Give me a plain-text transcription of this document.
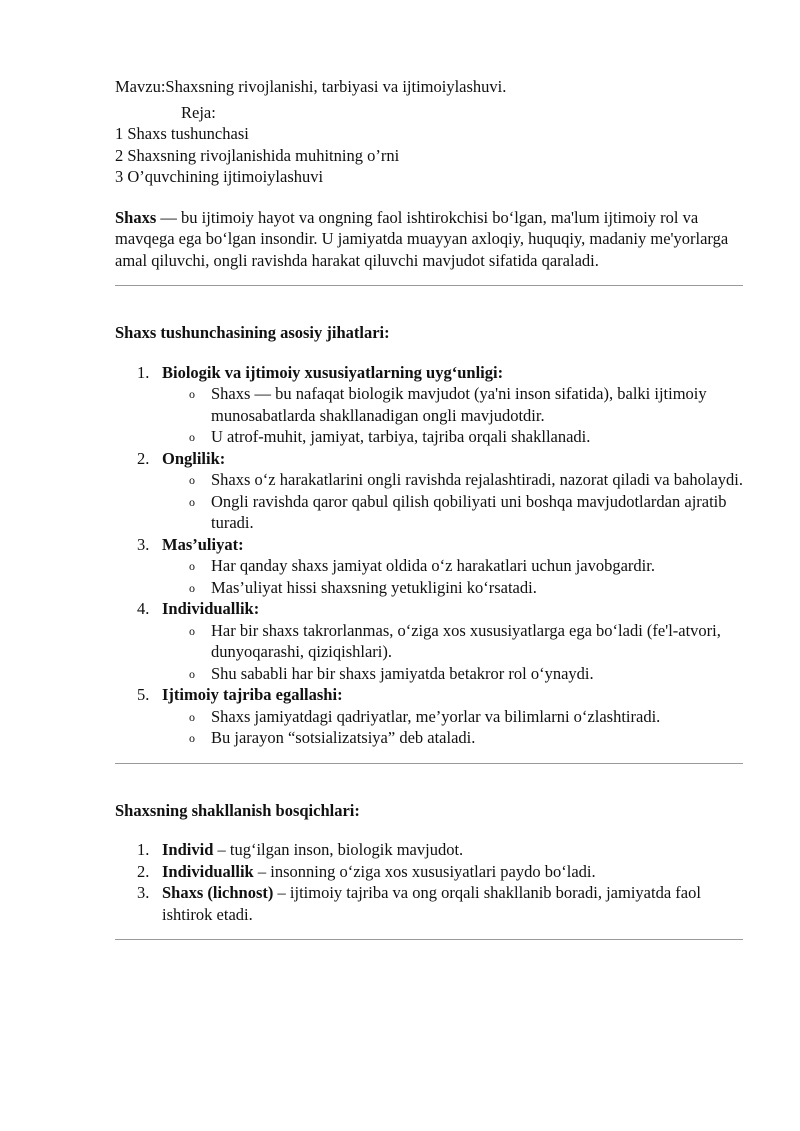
Mavzu:Shaxsning rivojlanishi, tarbiyasi va ijtimoiylashuvi.

Reja:

1 Shaxs tushunchasi

2 Shaxsning rivojlanishida muhitning o’rni

3 O’quvchining ijtimoiylashuvi

Shaxs — bu ijtimoiy hayot va ongning faol ishtirokchisi bo‘lgan, ma'lum ijtimoiy rol va mavqega ega bo‘lgan insondir. U jamiyatda muayyan axloqiy, huquqiy, madaniy me'yorlarga amal qiluvchi, ongli ravishda harakat qiluvchi mavjudot sifatida qaraladi.

Shaxs tushunchasining asosiy jihatlari:
1. Biologik va ijtimoiy xususiyatlarning uyg‘unligi:
o Shaxs — bu nafaqat biologik mavjudot (ya'ni inson sifatida), balki ijtimoiy munosabatlarda shakllanadigan ongli mavjudotdir.
o U atrof-muhit, jamiyat, tarbiya, tajriba orqali shakllanadi.
2. Onglilik:
o Shaxs o‘z harakatlarini ongli ravishda rejalashtiradi, nazorat qiladi va baholaydi.
o Ongli ravishda qaror qabul qilish qobiliyati uni boshqa mavjudotlardan ajratib turadi.
3. Mas’uliyat:
o Har qanday shaxs jamiyat oldida o‘z harakatlari uchun javobgardir.
o Mas’uliyat hissi shaxsning yetukligini ko‘rsatadi.
4. Individuallik:
o Har bir shaxs takrorlanmas, o‘ziga xos xususiyatlarga ega bo‘ladi (fe'l-atvori, dunyoqarashi, qiziqishlari).
o Shu sababli har bir shaxs jamiyatda betakror rol o‘ynaydi.
5. Ijtimoiy tajriba egallashi:
o Shaxs jamiyatdagi qadriyatlar, me’yorlar va bilimlarni o‘zlashtiradi.
o Bu jarayon “sotsializatsiya” deb ataladi.
Shaxsning shakllanish bosqichlari:
1. Individ – tug‘ilgan inson, biologik mavjudot.
2. Individuallik – insonning o‘ziga xos xususiyatlari paydo bo‘ladi.
3. Shaxs (lichnost) – ijtimoiy tajriba va ong orqali shakllanib boradi, jamiyatda faol ishtirok etadi.
